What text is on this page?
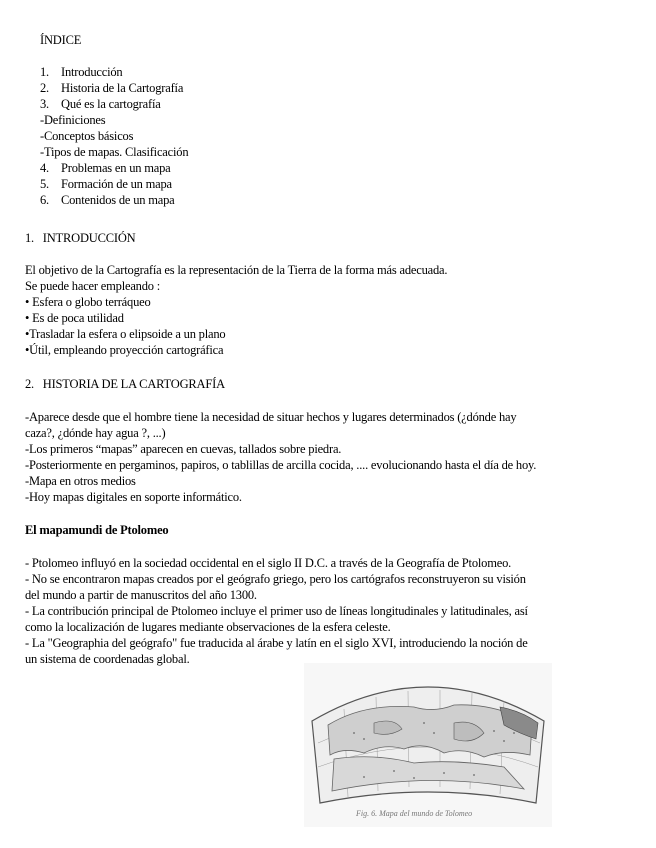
ÍNDICE
1. Introducción
2. Historia de la Cartografía
3. Qué es la cartografía
-Definiciones
-Conceptos básicos
-Tipos de mapas. Clasificación
4. Problemas en un mapa
5. Formación de un mapa
6. Contenidos de un mapa
1.   INTRODUCCIÓN
El objetivo de la Cartografía es la representación de la Tierra de la forma más adecuada.
Se puede hacer empleando :
• Esfera o globo terráqueo
• Es de poca utilidad
•Trasladar la esfera o elipsoide a un plano
•Útil, empleando proyección cartográfica
2.   HISTORIA DE LA CARTOGRAFÍA
-Aparece desde que el hombre tiene la necesidad de situar hechos y lugares determinados (¿dónde hay
caza?, ¿dónde hay agua ?, ...)
-Los primeros “mapas” aparecen en cuevas, tallados sobre piedra.
-Posteriormente en pergaminos, papiros, o tablillas de arcilla cocida, .... evolucionando hasta el día de hoy.
-Mapa en otros medios
-Hoy mapas digitales en soporte informático.
El mapamundi de Ptolomeo
- Ptolomeo influyó en la sociedad occidental en el siglo II D.C. a través de la Geografía de Ptolomeo.
- No se encontraron mapas creados por el geógrafo griego, pero los cartógrafos reconstruyeron su visión
del mundo a partir de manuscritos del año 1300.
- La contribución principal de Ptolomeo incluye el primer uso de líneas longitudinales y latitudinales, así
como la localización de lugares mediante observaciones de la esfera celeste.
- La "Geographia del geógrafo" fue traducida al árabe y latín en el siglo XVI, introduciendo la noción de
un sistema de coordenadas global.
Fig. 6. Mapa del mundo de Tolomeo
